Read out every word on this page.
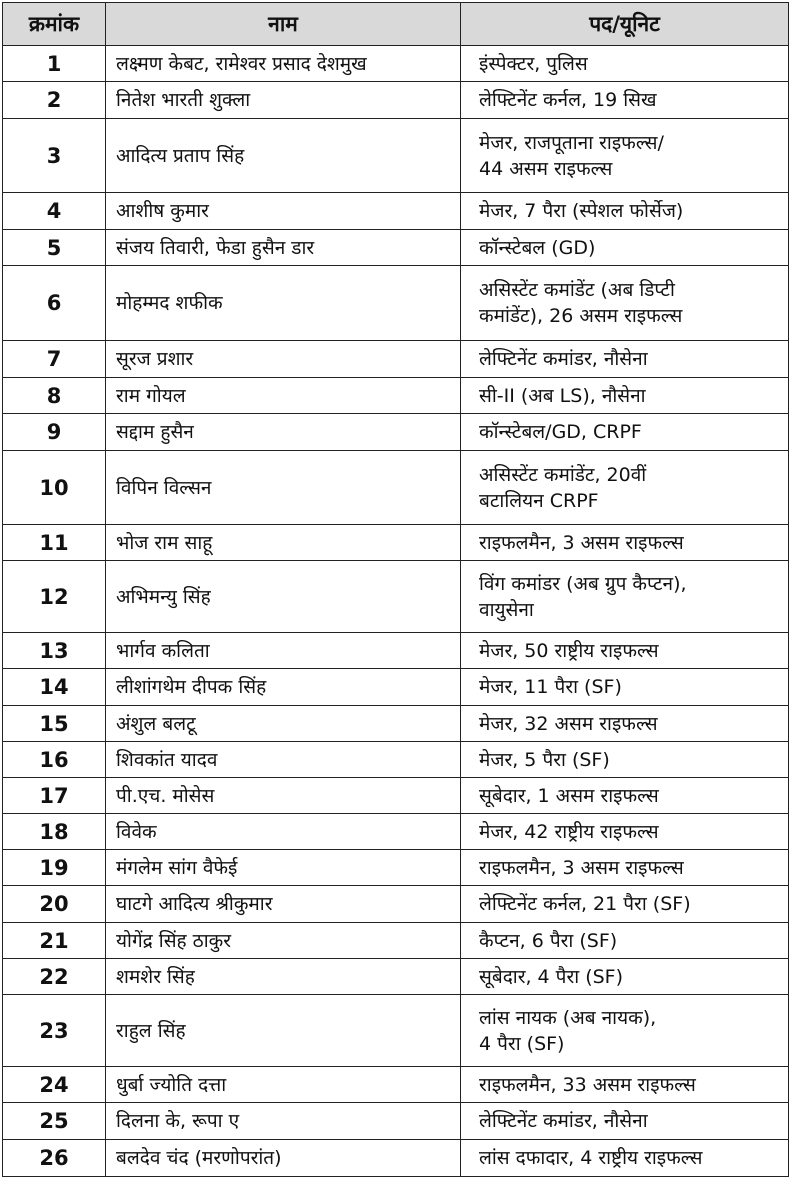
क्रमांक	नाम	पद/यूनिट
1	लक्ष्मण केबट, रामेश्वर प्रसाद देशमुख	इंस्पेक्टर, पुलिस
2	नितेश भारती शुक्ला	लेफ्टिनेंट कर्नल, 19 सिख
3	आदित्य प्रताप सिंह	मेजर, राजपूताना राइफल्स/
44 असम राइफल्स
4	आशीष कुमार	मेजर, 7 पैरा (स्पेशल फोर्सेज)
5	संजय तिवारी, फेडा हुसैन डार	कॉन्स्टेबल (GD)
6	मोहम्मद शफीक	असिस्टेंट कमांडेंट (अब डिप्टी
कमांडेंट), 26 असम राइफल्स
7	सूरज प्रशार	लेफ्टिनेंट कमांडर, नौसेना
8	राम गोयल	सी-II (अब LS), नौसेना
9	सद्दाम हुसैन	कॉन्स्टेबल/GD, CRPF
10	विपिन विल्सन	असिस्टेंट कमांडेंट, 20वीं
बटालियन CRPF
11	भोज राम साहू	राइफलमैन, 3 असम राइफल्स
12	अभिमन्यु सिंह	विंग कमांडर (अब ग्रुप कैप्टन),
वायुसेना
13	भार्गव कलिता	मेजर, 50 राष्ट्रीय राइफल्स
14	लीशांगथेम दीपक सिंह	मेजर, 11 पैरा (SF)
15	अंशुल बलटू	मेजर, 32 असम राइफल्स
16	शिवकांत यादव	मेजर, 5 पैरा (SF)
17	पी.एच. मोसेस	सूबेदार, 1 असम राइफल्स
18	विवेक	मेजर, 42 राष्ट्रीय राइफल्स
19	मंगलेम सांग वैफेई	राइफलमैन, 3 असम राइफल्स
20	घाटगे आदित्य श्रीकुमार	लेफ्टिनेंट कर्नल, 21 पैरा (SF)
21	योगेंद्र सिंह ठाकुर	कैप्टन, 6 पैरा (SF)
22	शमशेर सिंह	सूबेदार, 4 पैरा (SF)
23	राहुल सिंह	लांस नायक (अब नायक),
4 पैरा (SF)
24	धुर्बा ज्योति दत्ता	राइफलमैन, 33 असम राइफल्स
25	दिलना के, रूपा ए	लेफ्टिनेंट कमांडर, नौसेना
26	बलदेव चंद (मरणोपरांत)	लांस दफादार, 4 राष्ट्रीय राइफल्स
